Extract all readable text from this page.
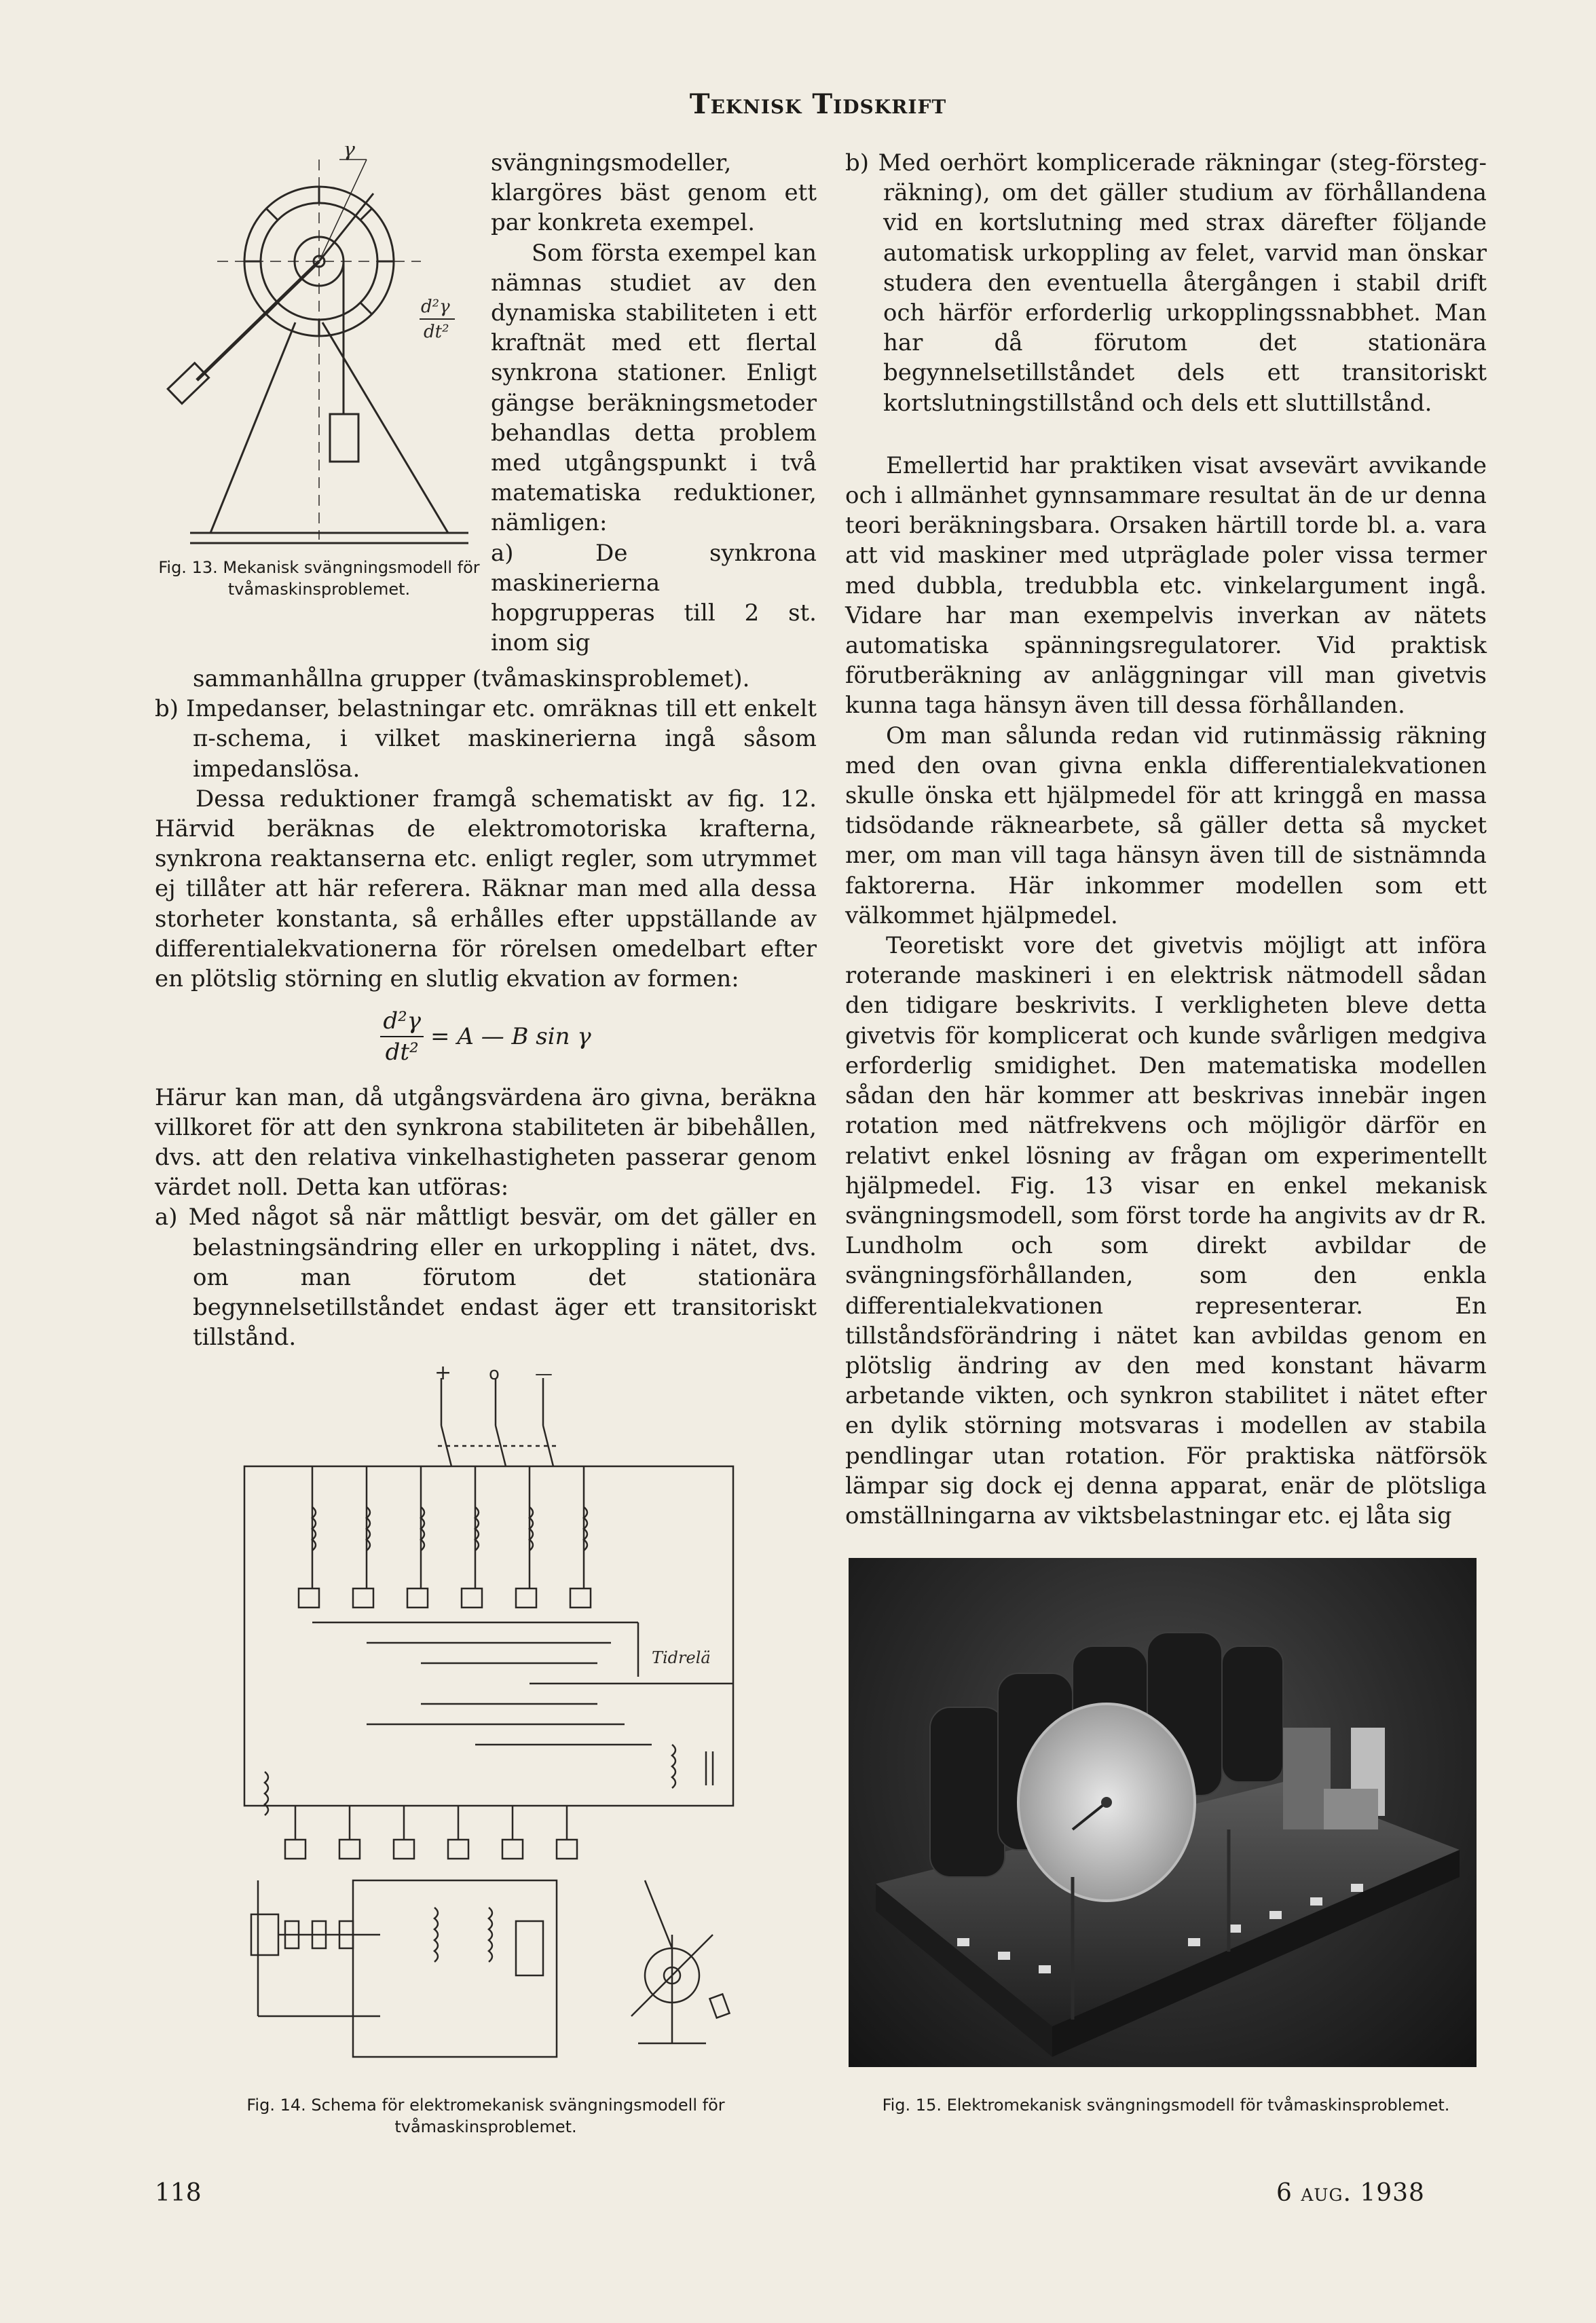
Teknisk Tidskrift
γ
d²γ
dt²
Fig. 13. Mekanisk svängningsmodell för tvåmaskinsproblemet.

svängningsmodeller, klargöres bäst genom ett par konkreta exempel.

Som första exempel kan nämnas studiet av den dynamiska stabiliteten i ett kraftnät med ett flertal synkrona stationer. Enligt gängse beräkningsmetoder behandlas detta problem med utgångspunkt i två matematiska reduktioner, nämligen:

a) De synkrona maskinerierna hopgrupperas till 2 st. inom sig

sammanhållna grupper (tvåmaskinsproblemet).

b) Impedanser, belastningar etc. omräknas till ett enkelt π-schema, i vilket maskinerierna ingå såsom impedanslösa.

Dessa reduktioner framgå schematiskt av fig. 12. Härvid beräknas de elektromotoriska krafterna, synkrona reaktanserna etc. enligt regler, som utrymmet ej tillåter att här referera. Räknar man med alla dessa storheter konstanta, så erhålles efter uppställande av differentialekvationerna för rörelsen omedelbart efter en plötslig störning en slutlig ekvation av formen:

$\frac{\text{d²γ}}{\text{dt²}} = A$ — B sin γ

Härur kan man, då utgångsvärdena äro givna, beräkna villkoret för att den synkrona stabiliteten är bibehållen, dvs. att den relativa vinkelhastigheten passerar genom värdet noll. Detta kan utföras:

a) Med något så när måttligt besvär, om det gäller en belastningsändring eller en urkoppling i nätet, dvs. om man förutom det stationära begynnelsetillståndet endast äger ett transitoriskt tillstånd.

b) Med oerhört komplicerade räkningar (steg-försteg-räkning), om det gäller studium av förhållandena vid en kortslutning med strax därefter följande automatisk urkoppling av felet, varvid man önskar studera den eventuella återgången i stabil drift och härför erforderlig urkopplingssnabbhet. Man har då förutom det stationära begynnelsetillståndet dels ett transitoriskt kortslutningstillstånd och dels ett sluttillstånd.

Emellertid har praktiken visat avsevärt avvikande och i allmänhet gynnsammare resultat än de ur denna teori beräkningsbara. Orsaken härtill torde bl. a. vara att vid maskiner med utpräglade poler vissa termer med dubbla, tredubbla etc. vinkelargument ingå. Vidare har man exempelvis inverkan av nätets automatiska spänningsregulatorer. Vid praktisk förutberäkning av anläggningar vill man givetvis kunna taga hänsyn även till dessa förhållanden.

Om man sålunda redan vid rutinmässig räkning med den ovan givna enkla differentialekvationen skulle önska ett hjälpmedel för att kringgå en massa tidsödande räknearbete, så gäller detta så mycket mer, om man vill taga hänsyn även till de sistnämnda faktorerna. Här inkommer modellen som ett välkommet hjälpmedel.

Teoretiskt vore det givetvis möjligt att införa roterande maskineri i en elektrisk nätmodell sådan den tidigare beskrivits. I verkligheten bleve detta givetvis för komplicerat och kunde svårligen medgiva erforderlig smidighet. Den matematiska modellen sådan den här kommer att beskrivas innebär ingen rotation med nätfrekvens och möjligör därför en relativt enkel lösning av frågan om experimentellt hjälpmedel. Fig. 13 visar en enkel mekanisk svängningsmodell, som först torde ha angivits av dr R. Lundholm och som direkt avbildar de svängningsförhållanden, som den enkla differentialekvationen representerar. En tillståndsförändring i nätet kan avbildas genom en plötslig ändring av den med konstant hävarm arbetande vikten, och synkron stabilitet i nätet efter en dylik störning motsvaras i modellen av stabila pendlingar utan rotation. För praktiska nätförsök lämpar sig dock ej denna apparat, enär de plötsliga omställningarna av viktsbelastningar etc. ej låta sig

+ o —
Tidrelä
Fig. 14. Schema för elektromekanisk svängningsmodell för tvåmaskinsproblemet.
Fig. 15. Elektromekanisk svängningsmodell för tvåmaskinsproblemet.
118	6 aug. 1938
